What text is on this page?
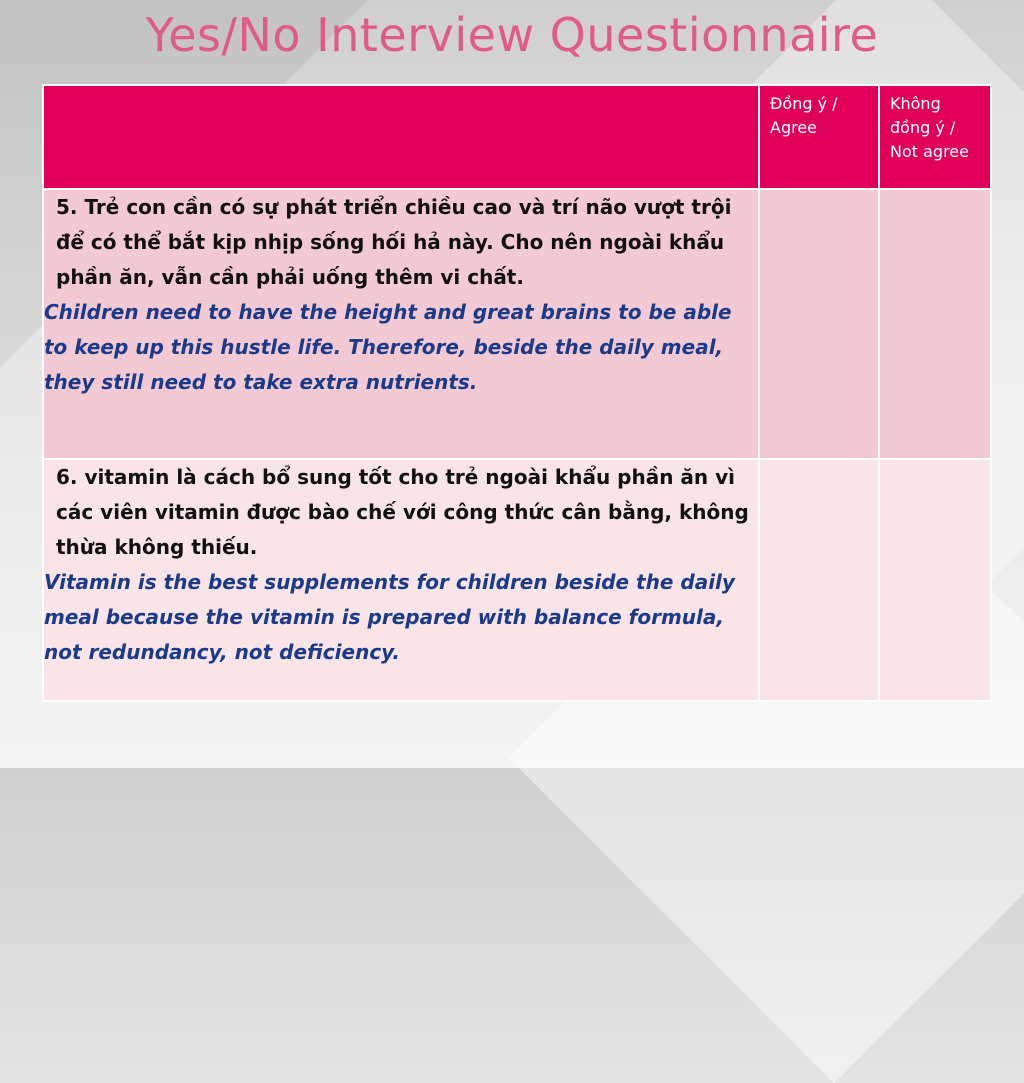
Yes/No Interview Questionnaire

	Đồng ý / Agree	Không đồng ý / Not agree

5. Trẻ con cần có sự phát triển chiều cao và trí não vượt trội để có thể bắt kịp nhịp sống hối hả này. Cho nên ngoài khẩu phần ăn, vẫn cần phải uống thêm vi chất.
Children need to have the height and great brains to be able to keep up this hustle life. Therefore, beside the daily meal, they still need to take extra nutrients.		

6. vitamin là cách bổ sung tốt cho trẻ ngoài khẩu phần ăn vì các viên vitamin được bào chế với công thức cân bằng, không thừa không thiếu.
Vitamin is the best supplements for children beside the daily meal because the vitamin is prepared with balance formula, not redundancy, not deficiency.		
